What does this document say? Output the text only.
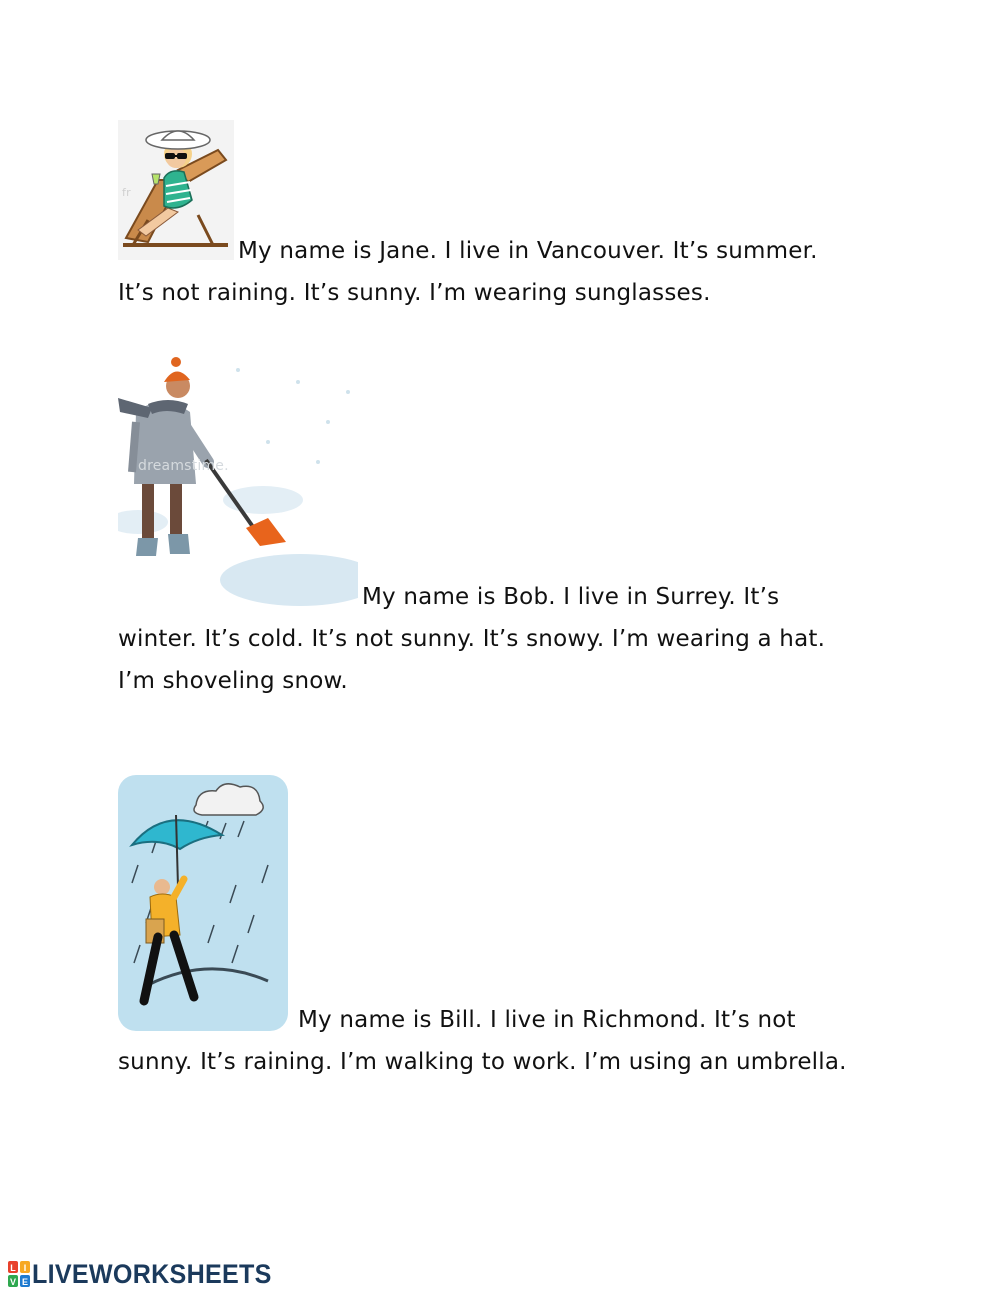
fr
My name is Jane. I live in Vancouver. It’s summer.
It’s not raining. It’s sunny. I’m wearing sunglasses.
dreamstime.
My name is Bob. I live in Surrey. It’s
winter. It’s cold. It’s not sunny. It’s snowy. I’m wearing a hat.
I’m shoveling snow.
My name is Bill. I live in Richmond. It’s not
sunny. It’s raining. I’m walking to work. I’m using an umbrella.
L I
V E LIVEWORKSHEETS
